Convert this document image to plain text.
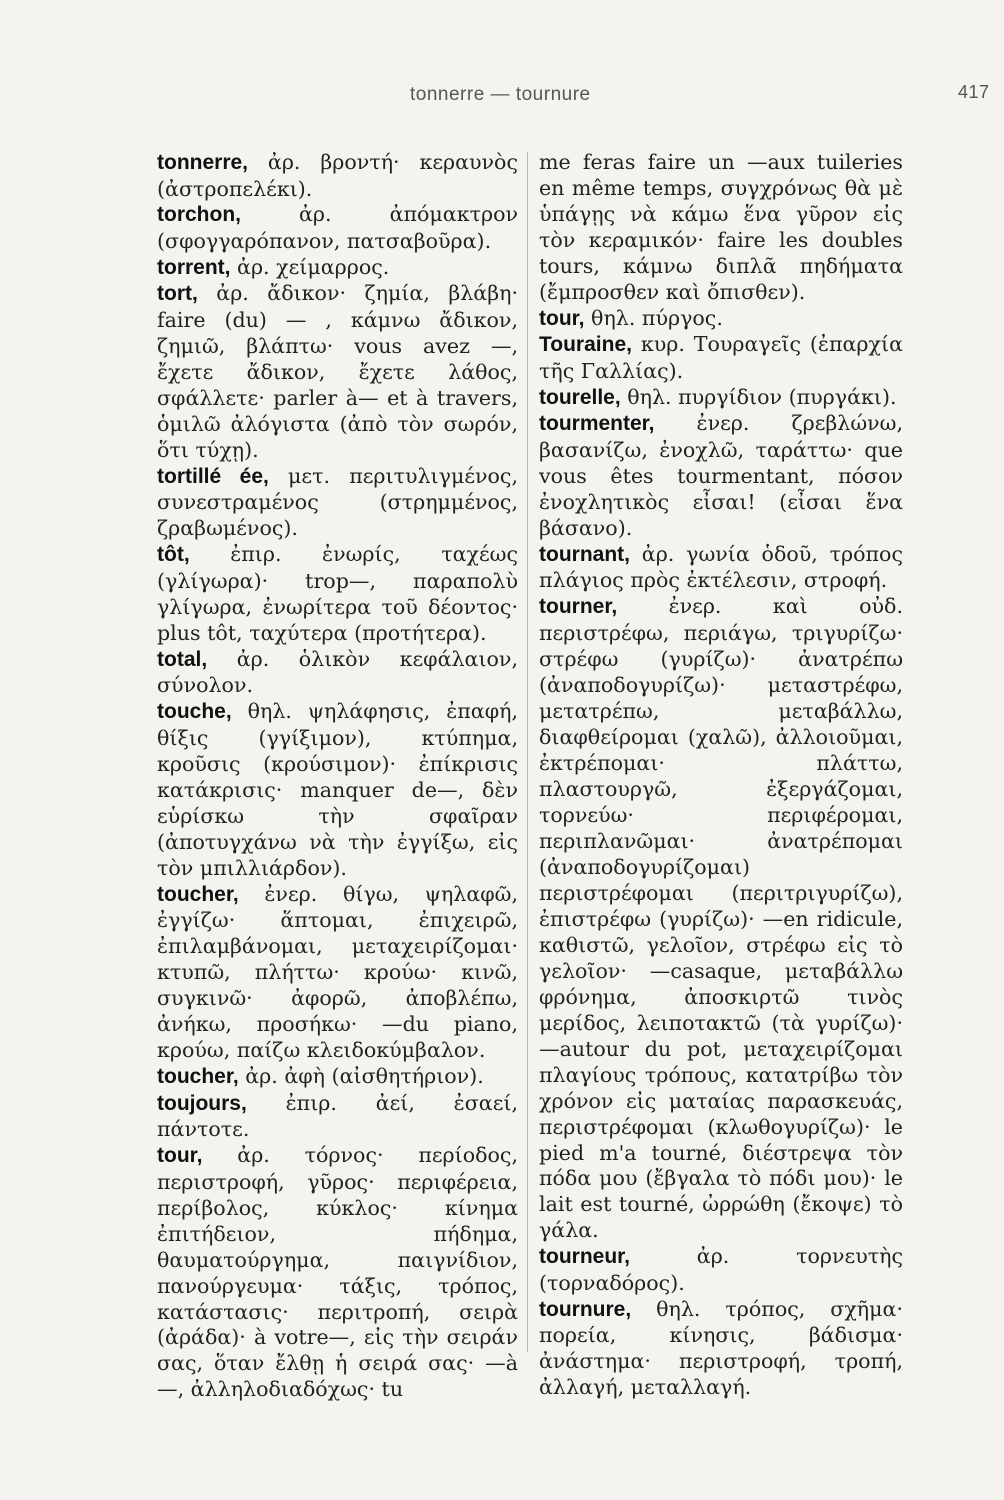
tonnerre — tournure	417

tonnerre, ἀρ. βροντή· κεραυνὸς (ἀστροπελέκι).

torchon, ἀρ. ἀπόμακτρον (σφογγαρόπανον, πατσαβοῦρα).

torrent, ἀρ. χείμαρρος.

tort, ἀρ. ἄδικον· ζημία, βλάβη· faire (du) — , κάμνω ἄδικον, ζημιῶ, βλάπτω· vous avez —, ἔχετε ἄδικον, ἔχετε λάθος, σφάλλετε· parler à— et à travers, ὁμιλῶ ἀλόγιστα (ἀπὸ τὸν σωρόν, ὅτι τύχῃ).

tortillé ée, μετ. περιτυλιγμένος, συνεστραμένος (στρημμένος, ζραβωμένος).

tôt, ἐπιρ. ἐνωρίς, ταχέως (γλίγωρα)· trop—, παραπολὺ γλίγωρα, ἐνωρίτερα τοῦ δέοντος· plus tôt, ταχύτερα (προτήτερα).

total, ἀρ. ὁλικὸν κεφάλαιον, σύνολον.

touche, θηλ. ψηλάφησις, ἐπαφή, θίξις (γγίξιμον), κτύπημα, κροῦσις (κρούσιμον)· ἐπίκρισις κατάκρισις· manquer de—, δὲν εὑρίσκω τὴν σφαῖραν (ἀποτυγχάνω νὰ τὴν ἐγγίξω, εἰς τὸν μπιλλιάρδον).

toucher, ἐνερ. θίγω, ψηλαφῶ, ἐγγίζω· ἅπτομαι, ἐπιχειρῶ, ἐπιλαμβάνομαι, μεταχειρίζομαι· κτυπῶ, πλήττω· κρούω· κινῶ, συγκινῶ· ἀφορῶ, ἀποβλέπω, ἀνήκω, προσήκω· —du piano, κρούω, παίζω κλειδοκύμβαλον.

toucher, ἀρ. ἀφὴ (αἰσθητήριον).

toujours, ἐπιρ. ἀεί, ἐσαεί, πάντοτε.

tour, ἀρ. τόρνος· περίοδος, περιστροφή, γῦρος· περιφέρεια, περίβολος, κύκλος· κίνημα ἐπιτήδειον, πήδημα, θαυματούργημα, παιγνίδιον, πανούργευμα· τάξις, τρόπος, κατάστασις· περιτροπή, σειρὰ (ἀράδα)· à votre—, εἰς τὴν σειράν σας, ὅταν ἔλθῃ ἡ σειρά σας· —à—, ἀλληλοδιαδόχως· tu

me feras faire un —aux tuileries en même temps, συγχρόνως θὰ μὲ ὑπάγῃς νὰ κάμω ἕνα γῦρον εἰς τὸν κεραμικόν· faire les doubles tours, κάμνω διπλᾶ πηδήματα (ἔμπροσθεν καὶ ὄπισθεν).

tour, θηλ. πύργος.

Touraine, κυρ. Τουραγεῖς (ἐπαρχία τῆς Γαλλίας).

tourelle, θηλ. πυργίδιον (πυργάκι).

tourmenter, ἐνερ. ζρεβλώνω, βασανίζω, ἐνοχλῶ, ταράττω· que vous êtes tourmentant, πόσον ἐνοχλητικὸς εἶσαι! (εἶσαι ἕνα βάσανο).

tournant, ἀρ. γωνία ὁδοῦ, τρόπος πλάγιος πρὸς ἐκτέλεσιν, στροφή.

tourner, ἐνερ. καὶ οὐδ. περιστρέφω, περιάγω, τριγυρίζω· στρέφω (γυρίζω)· ἀνατρέπω (ἀναποδογυρίζω)· μεταστρέφω, μετατρέπω, μεταβάλλω, διαφθείρομαι (χαλῶ), ἀλλοιοῦμαι, ἐκτρέπομαι· πλάττω, πλαστουργῶ, ἐξεργάζομαι, τορνεύω· περιφέρομαι, περιπλανῶμαι· ἀνατρέπομαι (ἀναποδογυρίζομαι) περιστρέφομαι (περιτριγυρίζω), ἐπιστρέφω (γυρίζω)· —en ridicule, καθιστῶ, γελοῖον, στρέφω εἰς τὸ γελοῖον· —casaque, μεταβάλλω φρόνημα, ἀποσκιρτῶ τινὸς μερίδος, λειποτακτῶ (τὰ γυρίζω)· —autour du pot, μεταχειρίζομαι πλαγίους τρόπους, κατατρίβω τὸν χρόνον εἰς ματαίας παρασκευάς, περιστρέφομαι (κλωθογυρίζω)· le pied m'a tourné, διέστρεψα τὸν πόδα μου (ἔβγαλα τὸ πόδι μου)· le lait est tourné, ὠρρώθη (ἔκοψε) τὸ γάλα.

tourneur, ἀρ. τορνευτὴς (τορναδόρος).

tournure, θηλ. τρόπος, σχῆμα· πορεία, κίνησις, βάδισμα· ἀνάστημα· περιστροφή, τροπή, ἀλλαγή, μεταλλαγή.
